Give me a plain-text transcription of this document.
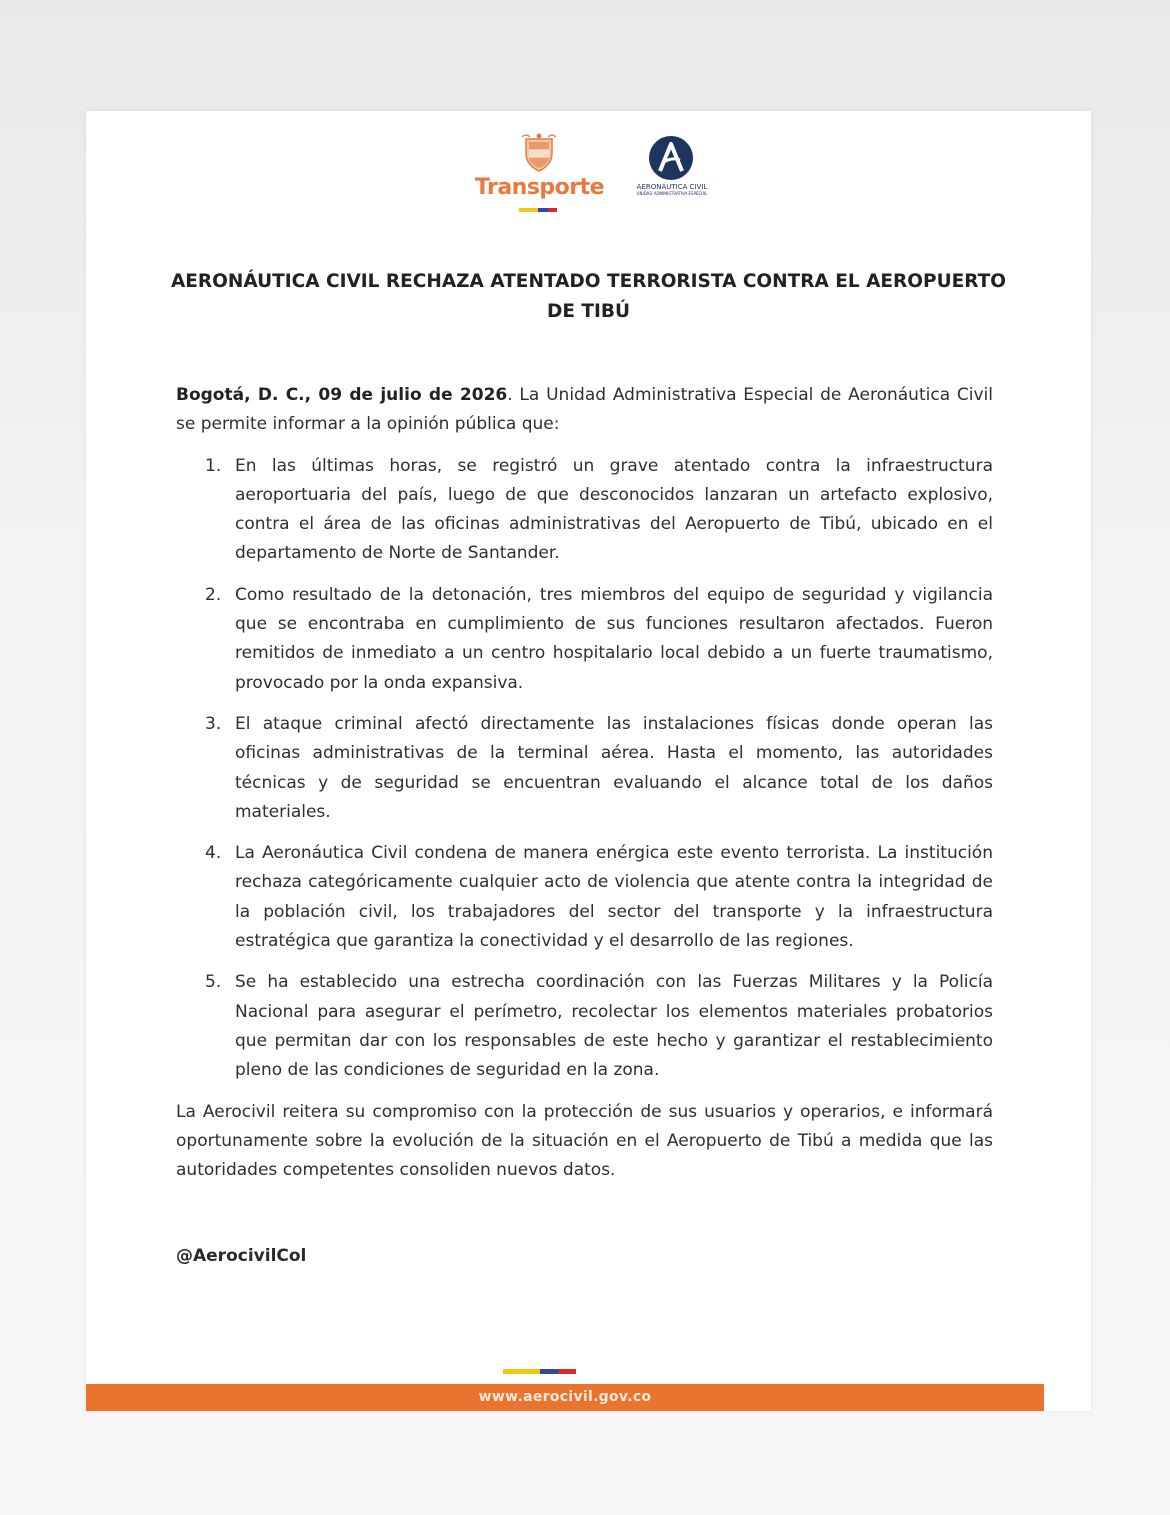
Transporte	AERONÁUTICA CIVIL
UNIDAD ADMINISTRATIVA ESPECIAL
AERONÁUTICA CIVIL RECHAZA ATENTADO TERRORISTA CONTRA EL AEROPUERTO DE TIBÚ

Bogotá, D. C., 09 de julio de 2026. La Unidad Administrativa Especial de Aeronáutica Civil se permite informar a la opinión pública que:

1. En las últimas horas, se registró un grave atentado contra la infraestructura aeroportuaria del país, luego de que desconocidos lanzaran un artefacto explosivo, contra el área de las oficinas administrativas del Aeropuerto de Tibú, ubicado en el departamento de Norte de Santander.
2. Como resultado de la detonación, tres miembros del equipo de seguridad y vigilancia que se encontraba en cumplimiento de sus funciones resultaron afectados. Fueron remitidos de inmediato a un centro hospitalario local debido a un fuerte traumatismo, provocado por la onda expansiva.
3. El ataque criminal afectó directamente las instalaciones físicas donde operan las oficinas administrativas de la terminal aérea. Hasta el momento, las autoridades técnicas y de seguridad se encuentran evaluando el alcance total de los daños materiales.
4. La Aeronáutica Civil condena de manera enérgica este evento terrorista. La institución rechaza categóricamente cualquier acto de violencia que atente contra la integridad de la población civil, los trabajadores del sector del transporte y la infraestructura estratégica que garantiza la conectividad y el desarrollo de las regiones.
5. Se ha establecido una estrecha coordinación con las Fuerzas Militares y la Policía Nacional para asegurar el perímetro, recolectar los elementos materiales probatorios que permitan dar con los responsables de este hecho y garantizar el restablecimiento pleno de las condiciones de seguridad en la zona.

La Aerocivil reitera su compromiso con la protección de sus usuarios y operarios, e informará oportunamente sobre la evolución de la situación en el Aeropuerto de Tibú a medida que las autoridades competentes consoliden nuevos datos.

@AerocivilCol
www.aerocivil.gov.co
